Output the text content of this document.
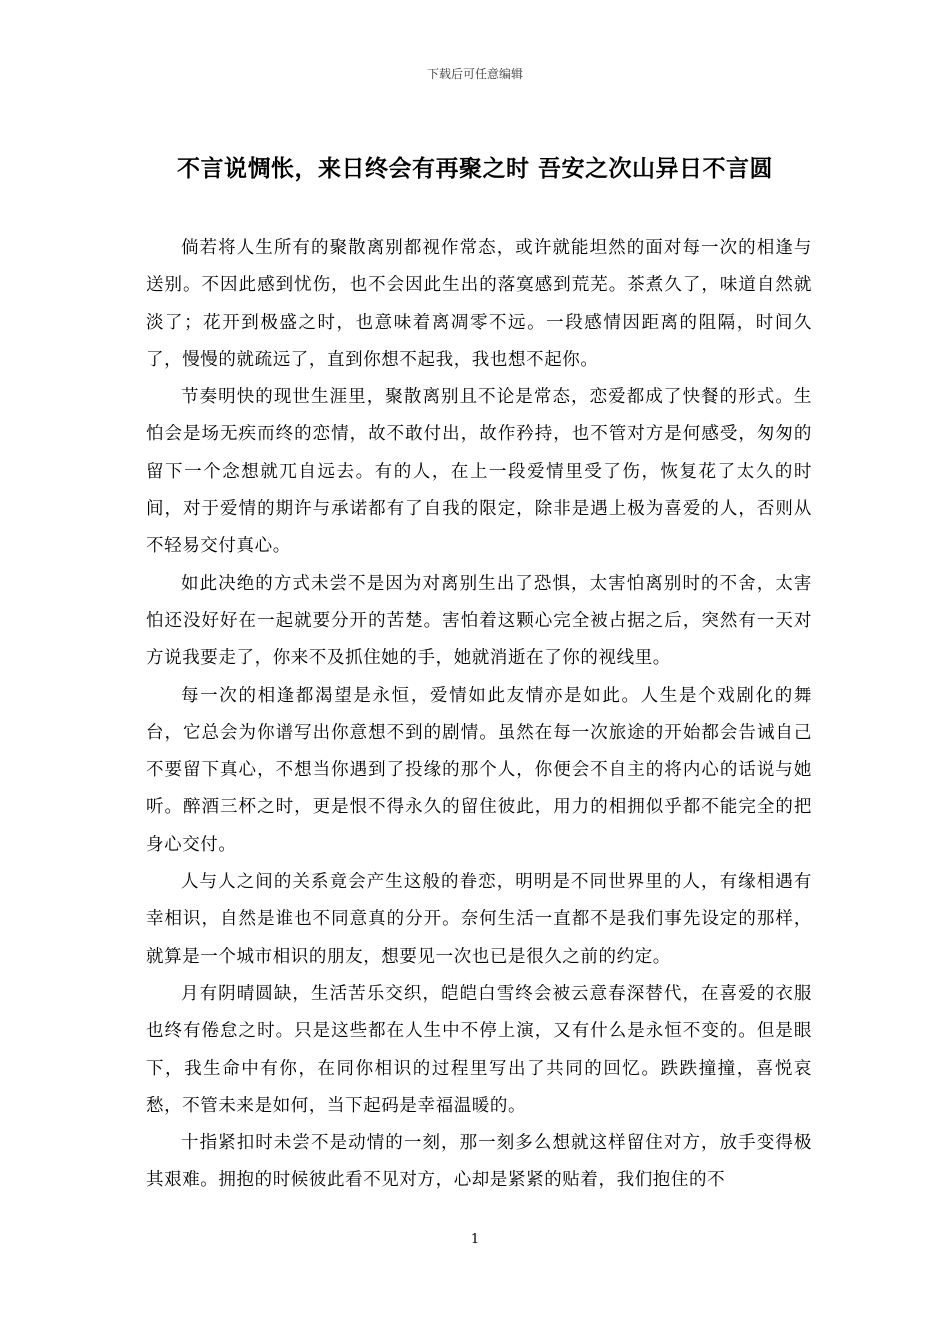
下载后可任意编辑
不言说惆怅，来日终会有再聚之时 吾安之次山异日不言圆

倘若将人生所有的聚散离别都视作常态，或许就能坦然的面对每一次的相逢与送别。不因此感到忧伤，也不会因此生出的落寞感到荒芜。茶煮久了，味道自然就淡了；花开到极盛之时，也意味着离凋零不远。一段感情因距离的阻隔，时间久了，慢慢的就疏远了，直到你想不起我，我也想不起你。

节奏明快的现世生涯里，聚散离别且不论是常态，恋爱都成了快餐的形式。生怕会是场无疾而终的恋情，故不敢付出，故作矜持，也不管对方是何感受，匆匆的留下一个念想就兀自远去。有的人，在上一段爱情里受了伤，恢复花了太久的时间，对于爱情的期许与承诺都有了自我的限定，除非是遇上极为喜爱的人，否则从不轻易交付真心。

如此决绝的方式未尝不是因为对离别生出了恐惧，太害怕离别时的不舍，太害怕还没好好在一起就要分开的苦楚。害怕着这颗心完全被占据之后，突然有一天对方说我要走了，你来不及抓住她的手，她就消逝在了你的视线里。

每一次的相逢都渴望是永恒，爱情如此友情亦是如此。人生是个戏剧化的舞台，它总会为你谱写出你意想不到的剧情。虽然在每一次旅途的开始都会告诫自己不要留下真心，不想当你遇到了投缘的那个人，你便会不自主的将内心的话说与她听。醉酒三杯之时，更是恨不得永久的留住彼此，用力的相拥似乎都不能完全的把身心交付。

人与人之间的关系竟会产生这般的眷恋，明明是不同世界里的人，有缘相遇有幸相识，自然是谁也不同意真的分开。奈何生活一直都不是我们事先设定的那样，就算是一个城市相识的朋友，想要见一次也已是很久之前的约定。

月有阴晴圆缺，生活苦乐交织，皑皑白雪终会被云意春深替代，在喜爱的衣服也终有倦怠之时。只是这些都在人生中不停上演，又有什么是永恒不变的。但是眼下，我生命中有你，在同你相识的过程里写出了共同的回忆。跌跌撞撞，喜悦哀愁，不管未来是如何，当下起码是幸福温暖的。

十指紧扣时未尝不是动情的一刻，那一刻多么想就这样留住对方，放手变得极其艰难。拥抱的时候彼此看不见对方，心却是紧紧的贴着，我们抱住的不

1
